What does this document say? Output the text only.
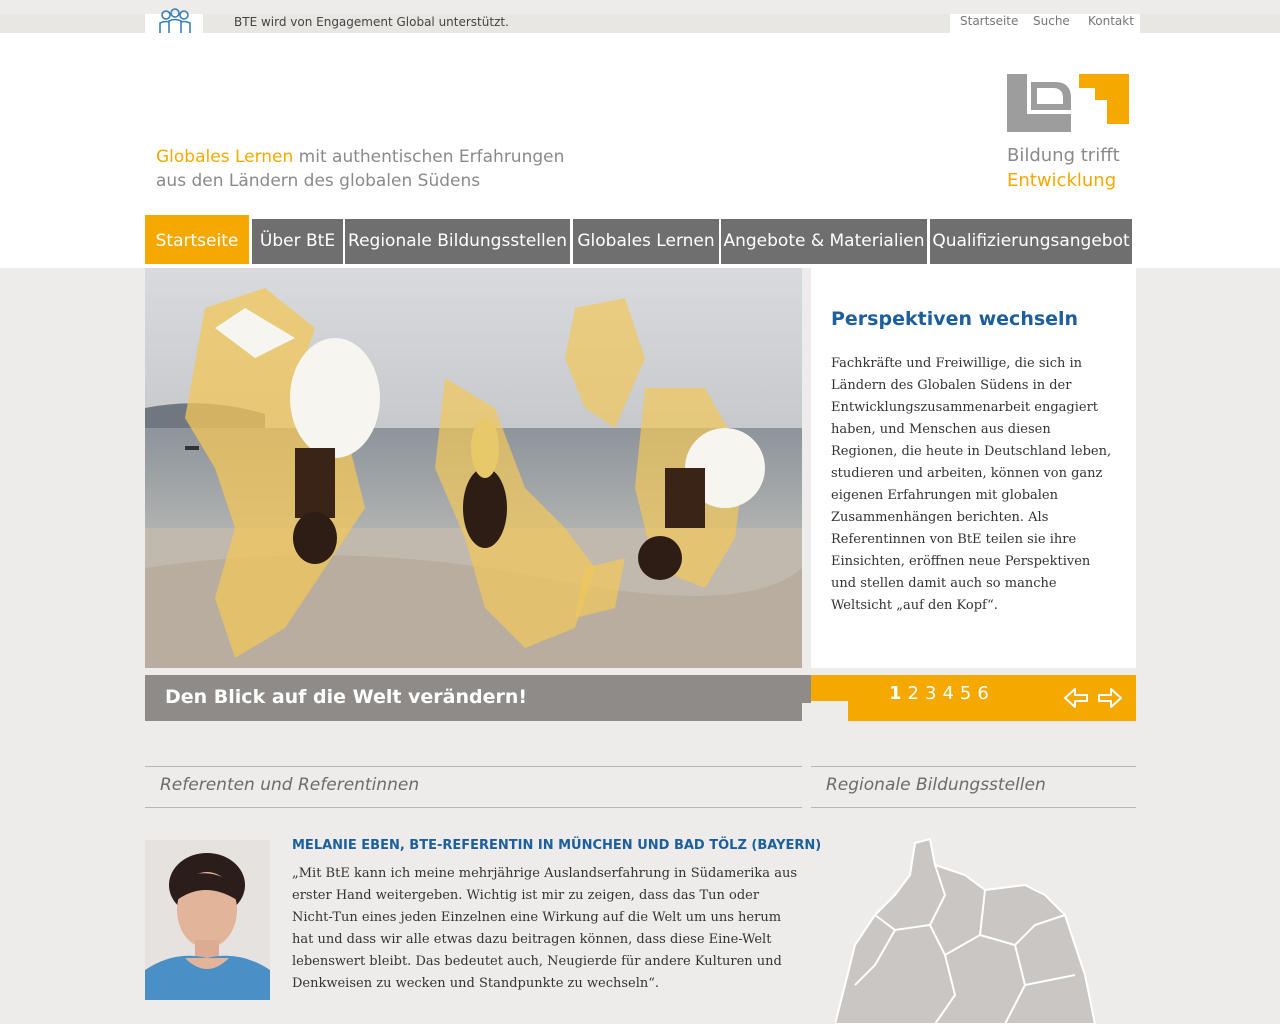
BTE wird von Engagement Global unterstützt.	Startseite Suche Kontakt
Globales Lernen mit authentischen Erfahrungen
aus den Ländern des globalen Südens
Bildung trifft
Entwicklung
Startseite	Über BtE Regionale Bildungsstellen Globales Lernen Angebote & Materialien Qualifizierungsangebot
Perspektiven wechseln
Fachkräfte und Freiwillige, die sich in Ländern des Globalen Südens in der Entwicklungszusammenarbeit engagiert haben, und Menschen aus diesen Regionen, die heute in Deutschland leben, studieren und arbeiten, können von ganz eigenen Erfahrungen mit globalen Zusammenhängen berichten. Als Referentinnen von BtE teilen sie ihre Einsichten, eröffnen neue Perspektiven und stellen damit auch so manche Weltsicht „auf den Kopf“.
Den Blick auf die Welt verändern!	1 2 3 4 5 6
Referenten und Referentinnen	Regionale Bildungsstellen
MELANIE EBEN, BTE-REFERENTIN IN MÜNCHEN UND BAD TÖLZ (BAYERN)
„Mit BtE kann ich meine mehrjährige Auslandserfahrung in Südamerika aus erster Hand weitergeben. Wichtig ist mir zu zeigen, dass das Tun oder Nicht-Tun eines jeden Einzelnen eine Wirkung auf die Welt um uns herum hat und dass wir alle etwas dazu beitragen können, dass diese Eine-Welt lebenswert bleibt. Das bedeutet auch, Neugierde für andere Kulturen und Denkweisen zu wecken und Standpunkte zu wechseln“.
